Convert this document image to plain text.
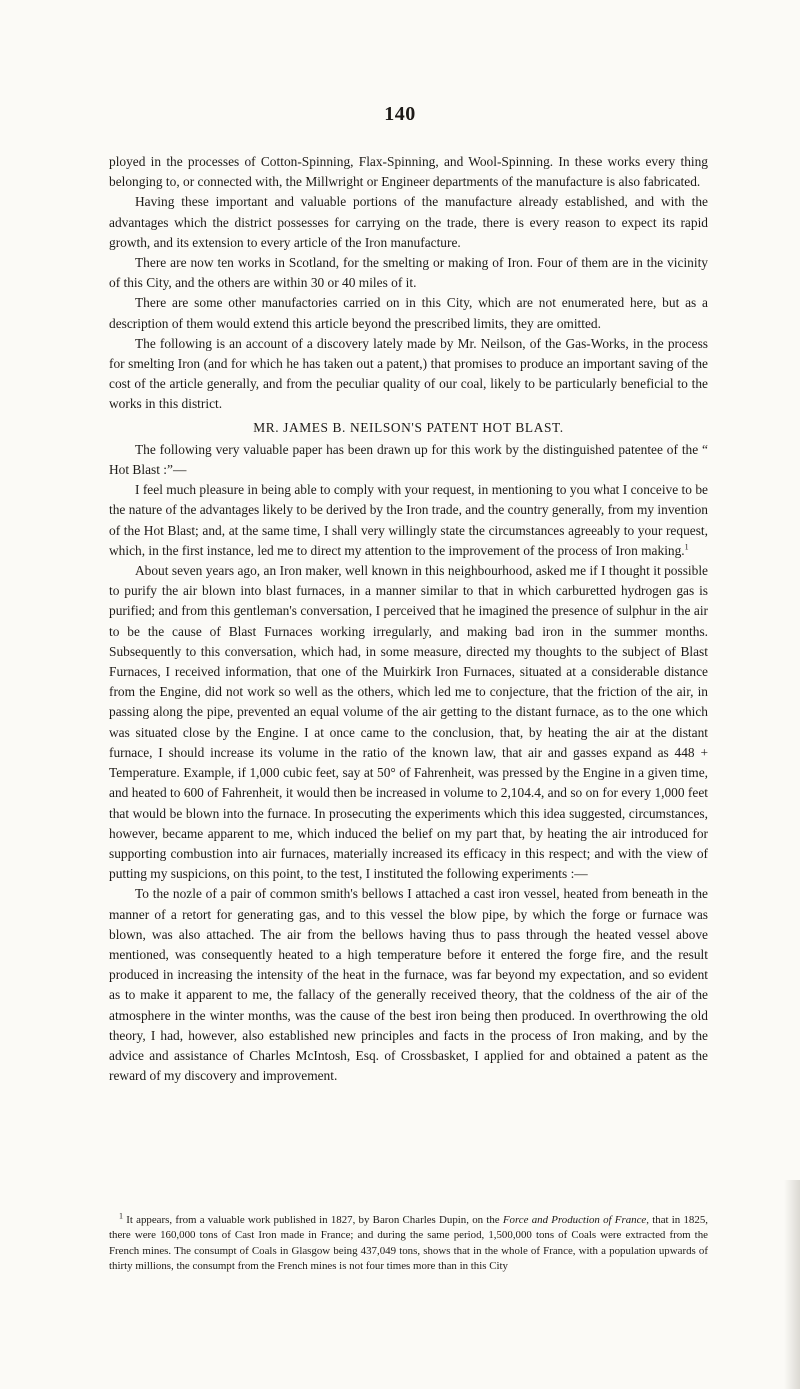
140

ployed in the processes of Cotton-Spinning, Flax-Spinning, and Wool-Spinning. In these works every thing belonging to, or connected with, the Millwright or Engineer departments of the manufacture is also fabricated.

Having these important and valuable portions of the manufacture already established, and with the advantages which the district possesses for carrying on the trade, there is every reason to expect its rapid growth, and its extension to every article of the Iron manufacture.

There are now ten works in Scotland, for the smelting or making of Iron. Four of them are in the vicinity of this City, and the others are within 30 or 40 miles of it.

There are some other manufactories carried on in this City, which are not enumerated here, but as a description of them would extend this article beyond the prescribed limits, they are omitted.

The following is an account of a discovery lately made by Mr. Neilson, of the Gas-Works, in the process for smelting Iron (and for which he has taken out a patent,) that promises to produce an important saving of the cost of the article generally, and from the peculiar quality of our coal, likely to be particularly beneficial to the works in this district.

MR. JAMES B. NEILSON'S PATENT HOT BLAST.

The following very valuable paper has been drawn up for this work by the distinguished patentee of the “ Hot Blast :”—

I feel much pleasure in being able to comply with your request, in mentioning to you what I conceive to be the nature of the advantages likely to be derived by the Iron trade, and the country generally, from my invention of the Hot Blast; and, at the same time, I shall very willingly state the circumstances agreeably to your request, which, in the first instance, led me to direct my attention to the improvement of the process of Iron making.$^1$

About seven years ago, an Iron maker, well known in this neighbourhood, asked me if I thought it possible to purify the air blown into blast furnaces, in a manner similar to that in which carburetted hydrogen gas is purified; and from this gentleman's conversation, I perceived that he imagined the presence of sulphur in the air to be the cause of Blast Furnaces working irregularly, and making bad iron in the summer months. Subsequently to this conversation, which had, in some measure, directed my thoughts to the subject of Blast Furnaces, I received information, that one of the Muirkirk Iron Furnaces, situated at a considerable distance from the Engine, did not work so well as the others, which led me to conjecture, that the friction of the air, in passing along the pipe, prevented an equal volume of the air getting to the distant furnace, as to the one which was situated close by the Engine. I at once came to the conclusion, that, by heating the air at the distant furnace, I should increase its volume in the ratio of the known law, that air and gasses expand as 448 + Temperature. Example, if 1,000 cubic feet, say at 50° of Fahrenheit, was pressed by the Engine in a given time, and heated to 600 of Fahrenheit, it would then be increased in volume to 2,104.4, and so on for every 1,000 feet that would be blown into the furnace. In prosecuting the experiments which this idea suggested, circumstances, however, became apparent to me, which induced the belief on my part that, by heating the air introduced for supporting combustion into air furnaces, materially increased its efficacy in this respect; and with the view of putting my suspicions, on this point, to the test, I instituted the following experiments :—

To the nozle of a pair of common smith's bellows I attached a cast iron vessel, heated from beneath in the manner of a retort for generating gas, and to this vessel the blow pipe, by which the forge or furnace was blown, was also attached. The air from the bellows having thus to pass through the heated vessel above mentioned, was consequently heated to a high temperature before it entered the forge fire, and the result produced in increasing the intensity of the heat in the furnace, was far beyond my expectation, and so evident as to make it apparent to me, the fallacy of the generally received theory, that the coldness of the air of the atmosphere in the winter months, was the cause of the best iron being then produced. In overthrowing the old theory, I had, however, also established new principles and facts in the process of Iron making, and by the advice and assistance of Charles McIntosh, Esq. of Crossbasket, I applied for and obtained a patent as the reward of my discovery and improvement.

$^1$ It appears, from a valuable work published in 1827, by Baron Charles Dupin, on the Force and Production of France, that in 1825, there were 160,000 tons of Cast Iron made in France; and during the same period, 1,500,000 tons of Coals were extracted from the French mines. The consumpt of Coals in Glasgow being 437,049 tons, shows that in the whole of France, with a population upwards of thirty millions, the consumpt from the French mines is not four times more than in this City
